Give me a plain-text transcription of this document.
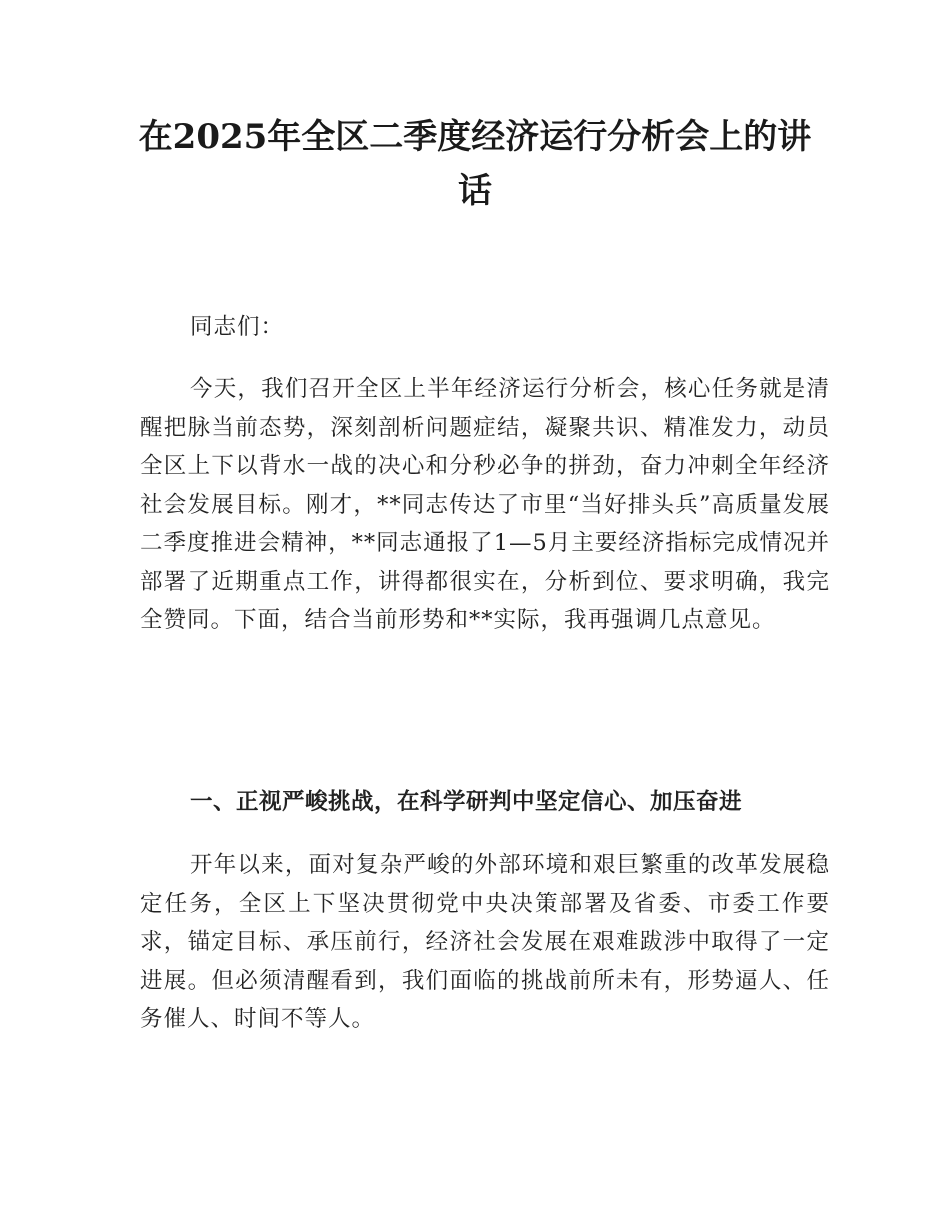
在2025年全区二季度经济运行分析会上的讲话

同志们：

今天，我们召开全区上半年经济运行分析会，核心任务就是清醒把脉当前态势，深刻剖析问题症结，凝聚共识、精准发力，动员全区上下以背水一战的决心和分秒必争的拼劲，奋力冲刺全年经济社会发展目标。刚才，**同志传达了市里“当好排头兵”高质量发展二季度推进会精神，**同志通报了1—5月主要经济指标完成情况并部署了近期重点工作，讲得都很实在，分析到位、要求明确，我完全赞同。下面，结合当前形势和**实际，我再强调几点意见。

一、正视严峻挑战，在科学研判中坚定信心、加压奋进

开年以来，面对复杂严峻的外部环境和艰巨繁重的改革发展稳定任务，全区上下坚决贯彻党中央决策部署及省委、市委工作要求，锚定目标、承压前行，经济社会发展在艰难跋涉中取得了一定进展。但必须清醒看到，我们面临的挑战前所未有，形势逼人、任务催人、时间不等人。
